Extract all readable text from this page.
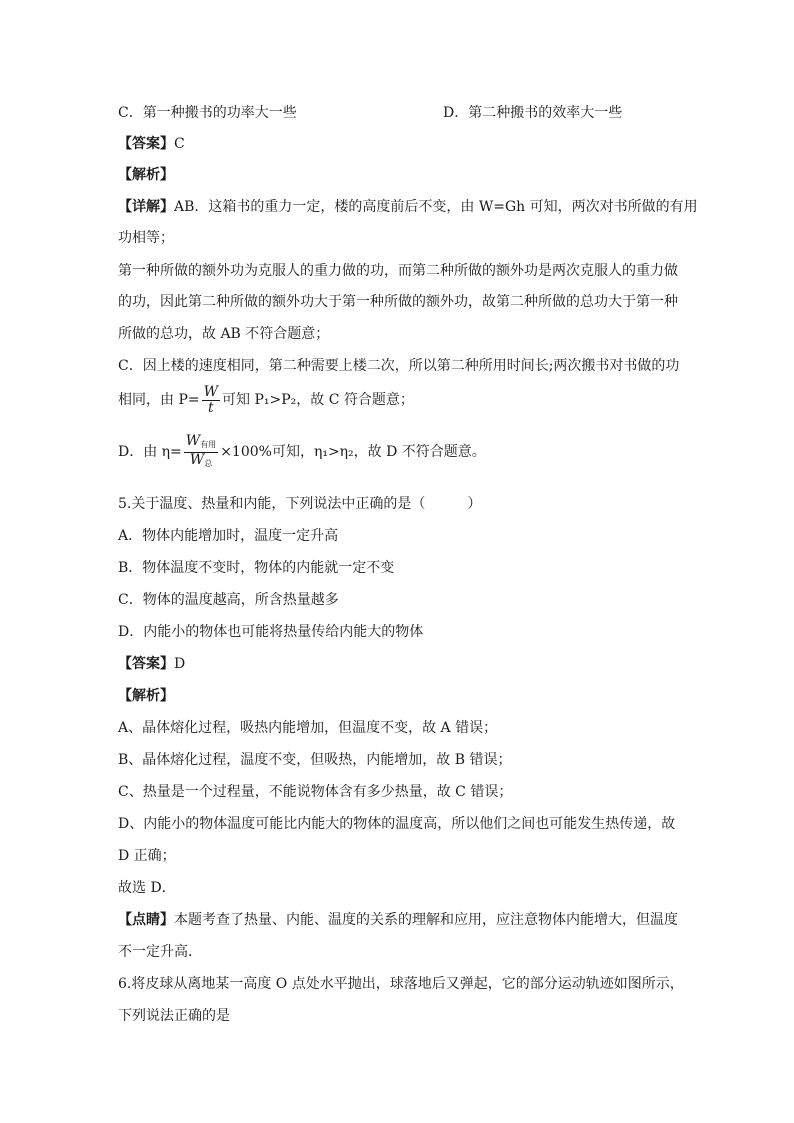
C．第一种搬书的功率大一些	D．第二种搬书的效率大一些
【答案】C
【解析】
【详解】AB．这箱书的重力一定，楼的高度前后不变，由 W=Gh 可知，两次对书所做的有用
功相等；
第一种所做的额外功为克服人的重力做的功，而第二种所做的额外功是两次克服人的重力做
的功，因此第二种所做的额外功大于第一种所做的额外功，故第二种所做的总功大于第一种
所做的总功，故 AB 不符合题意；
C．因上楼的速度相同，第二种需要上楼二次，所以第二种所用时间长;两次搬书对书做的功
相同，由 $P= \frac{W}{t}$ 可知 P₁>P₂，故 C 符合题意；
D．由 $\eta= \frac{W_{有用}}{W_总} \times 100\%$可知，η₁>η₂，故 D 不符合题意。
5.关于温度、热量和内能，下列说法中正确的是（　　　）
A．物体内能增加时，温度一定升高
B．物体温度不变时，物体的内能就一定不变
C．物体的温度越高，所含热量越多
D．内能小的物体也可能将热量传给内能大的物体
【答案】D
【解析】
A、晶体熔化过程，吸热内能增加，但温度不变，故 A 错误；
B、晶体熔化过程，温度不变，但吸热，内能增加，故 B 错误；
C、热量是一个过程量，不能说物体含有多少热量，故 C 错误；
D、内能小的物体温度可能比内能大的物体的温度高，所以他们之间也可能发生热传递，故
D 正确；
故选 D．
【点睛】本题考查了热量、内能、温度的关系的理解和应用，应注意物体内能增大，但温度
不一定升高．
6.将皮球从离地某一高度 O 点处水平抛出，球落地后又弹起，它的部分运动轨迹如图所示，
下列说法正确的是
